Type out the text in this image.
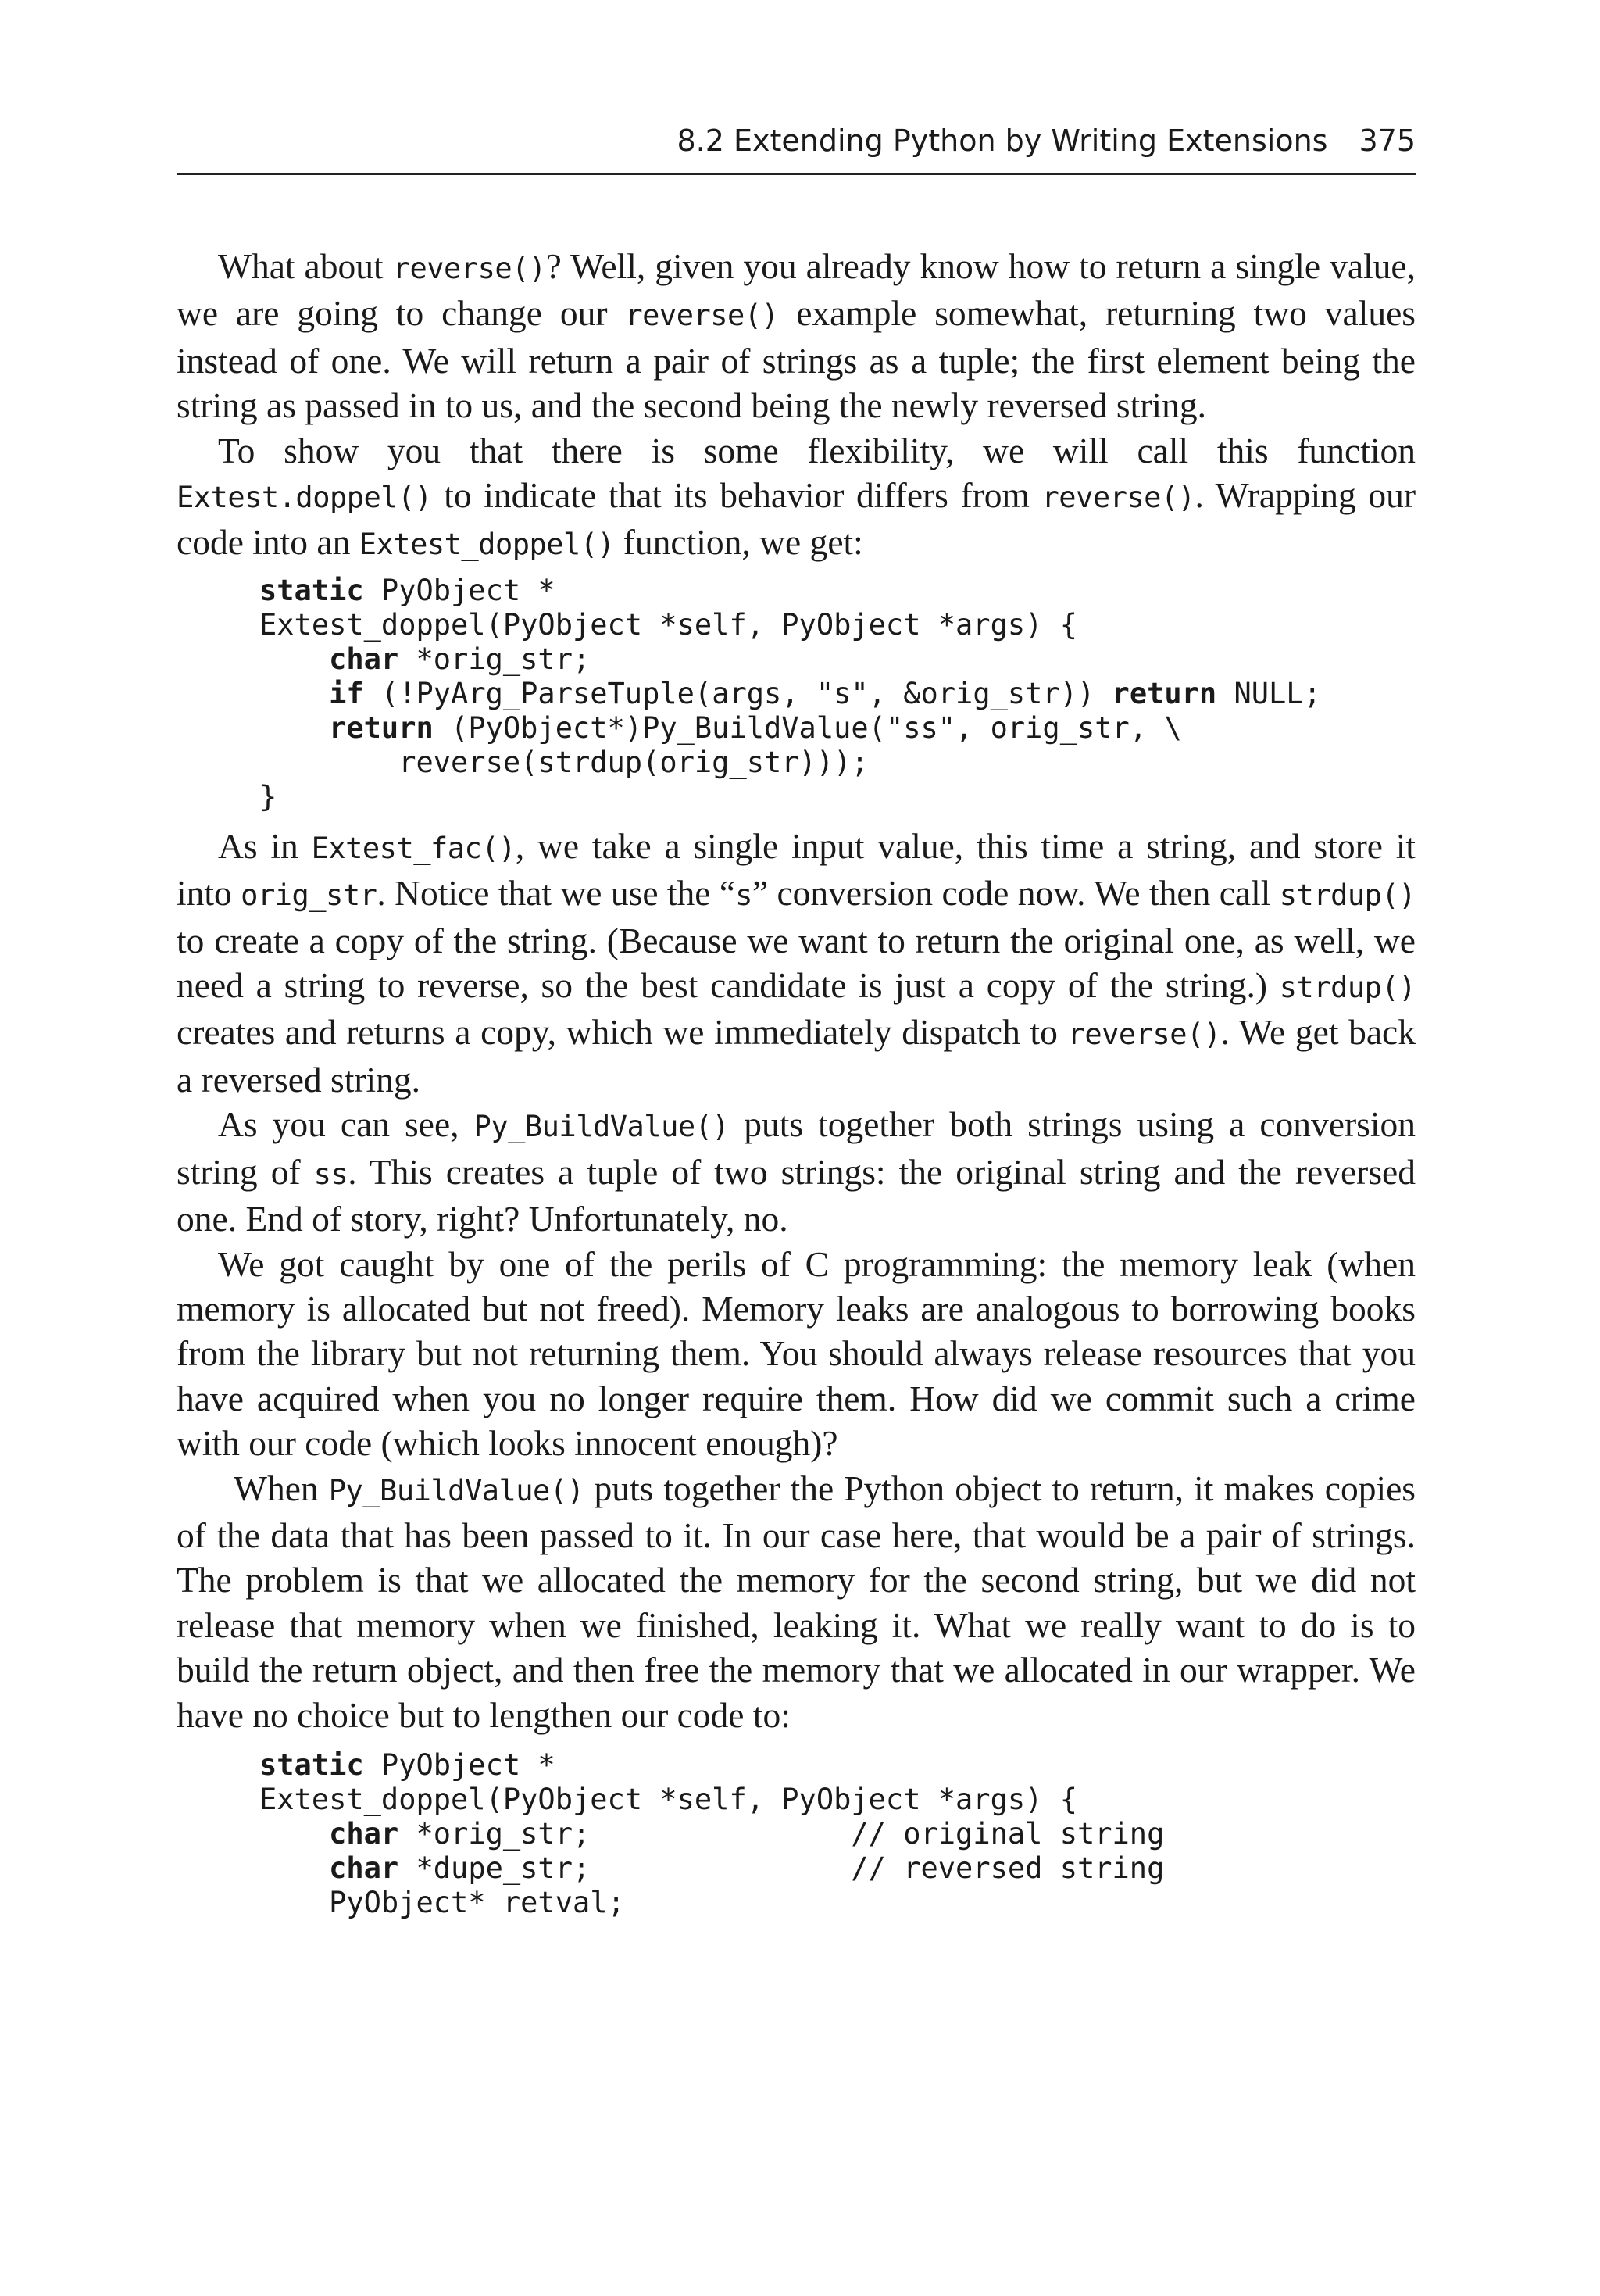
8.2 Extending Python by Writing Extensions 375

What about reverse()? Well, given you already know how to return a single value, we are going to change our reverse() example somewhat, returning two values instead of one. We will return a pair of strings as a tuple; the first element being the string as passed in to us, and the second being the newly reversed string.

To show you that there is some flexibility, we will call this function Extest.doppel() to indicate that its behavior differs from reverse(). Wrapping our code into an Extest_doppel() function, we get:

static PyObject *
Extest_doppel(PyObject *self, PyObject *args) {
char *orig_str;
if (!PyArg_ParseTuple(args, "s", &orig_str)) return NULL;
return (PyObject*)Py_BuildValue("ss", orig_str, \
reverse(strdup(orig_str)));
}

As in Extest_fac(), we take a single input value, this time a string, and store it into orig_str. Notice that we use the “s” conversion code now. We then call strdup() to create a copy of the string. (Because we want to return the original one, as well, we need a string to reverse, so the best candidate is just a copy of the string.) strdup() creates and returns a copy, which we immediately dispatch to reverse(). We get back a reversed string.

As you can see, Py_BuildValue() puts together both strings using a conversion string of ss. This creates a tuple of two strings: the original string and the reversed one. End of story, right? Unfortunately, no.

We got caught by one of the perils of C programming: the memory leak (when memory is allocated but not freed). Memory leaks are analogous to borrowing books from the library but not returning them. You should always release resources that you have acquired when you no longer require them. How did we commit such a crime with our code (which looks innocent enough)?

When Py_BuildValue() puts together the Python object to return, it makes copies of the data that has been passed to it. In our case here, that would be a pair of strings. The problem is that we allocated the memory for the second string, but we did not release that memory when we finished, leaking it. What we really want to do is to build the return object, and then free the memory that we allocated in our wrapper. We have no choice but to lengthen our code to:

static PyObject *
Extest_doppel(PyObject *self, PyObject *args) {
char *orig_str;               // original string
char *dupe_str;               // reversed string
PyObject* retval;
